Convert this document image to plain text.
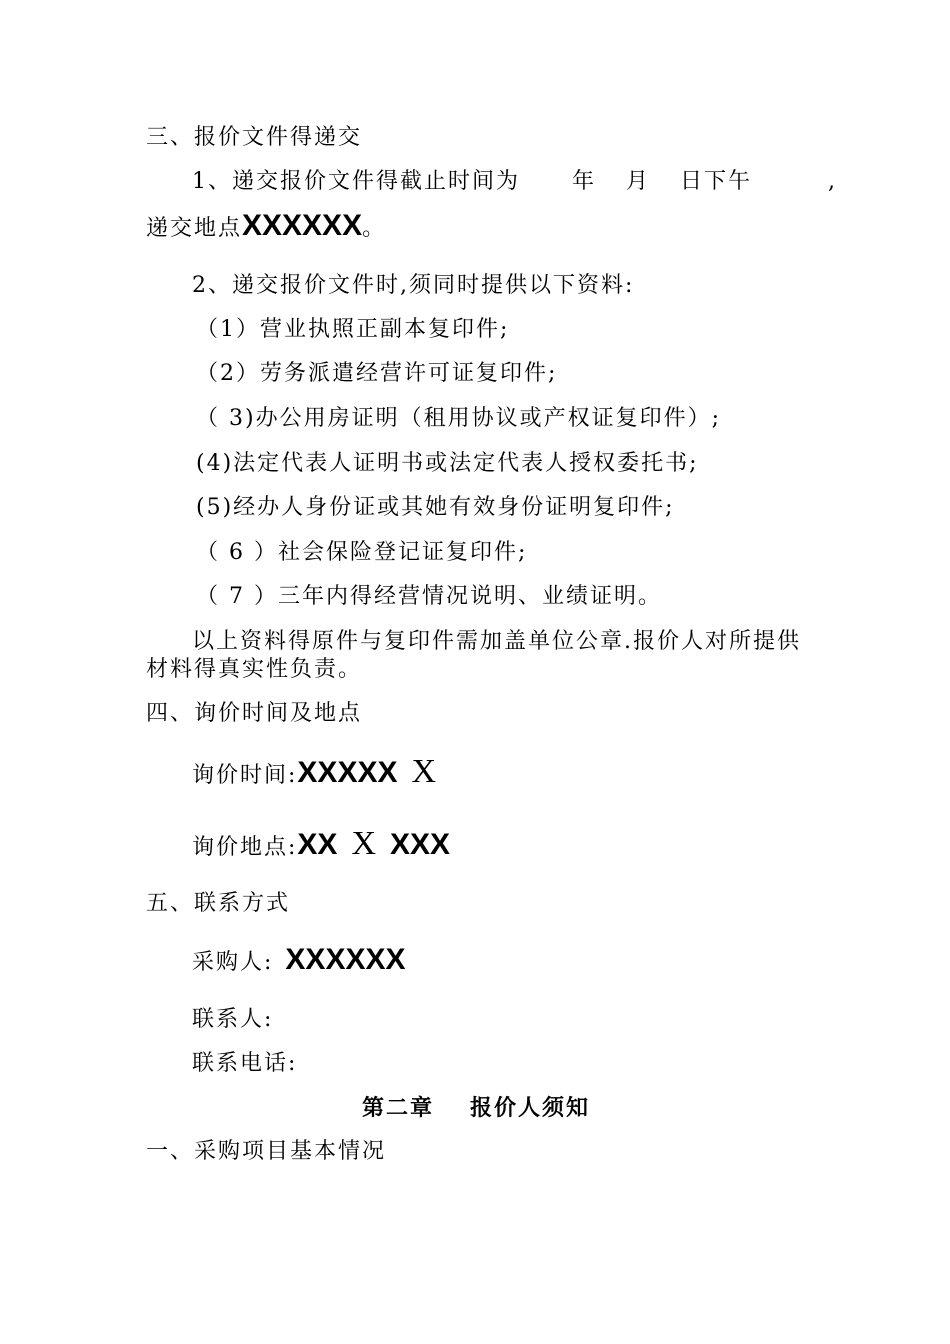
三、报价文件得递交
1、递交报价文件得截止时间为 年 月 日下午	,
递交地点XXXXXX。
2、递交报价文件时,须同时提供以下资料:
（1）营业执照正副本复印件;
（2）劳务派遣经营许可证复印件;
（ 3)办公用房证明（租用协议或产权证复印件）;
(4)法定代表人证明书或法定代表人授权委托书;
(5)经办人身份证或其她有效身份证明复印件;
（ 6 ）社会保险登记证复印件;
（ 7 ）三年内得经营情况说明、业绩证明。
以上资料得原件与复印件需加盖单位公章.报价人对所提供
材料得真实性负责。
四、询价时间及地点
询价时间:XXXXX X
询价地点:XX X XXX
五、联系方式
采购人: XXXXXX
联系人:
联系电话:
第二章 报价人须知
一、采购项目基本情况
